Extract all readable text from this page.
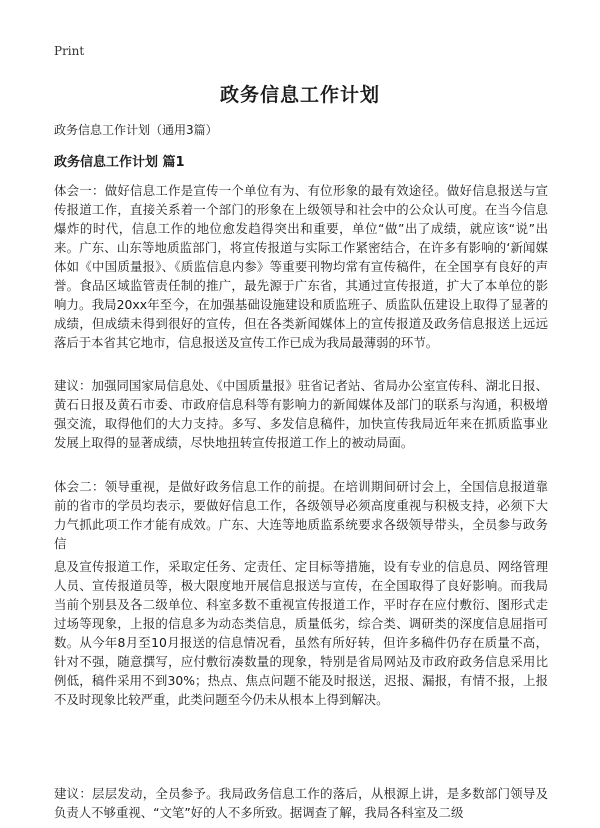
Print
政务信息工作计划
政务信息工作计划（通用3篇）
政务信息工作计划 篇1

体会一：做好信息工作是宣传一个单位有为、有位形象的最有效途径。做好信息报送与宣传报道工作，直接关系着一个部门的形象在上级领导和社会中的公众认可度。在当今信息爆炸的时代，信息工作的地位愈发趋得突出和重要，单位“做”出了成绩，就应该“说”出来。广东、山东等地质监部门，将宣传报道与实际工作紧密结合，在许多有影响的‘新闻媒体如《中国质量报》、《质监信息内参》等重要刊物均常有宣传稿件，在全国享有良好的声誉。食品区域监管责任制的推广，最先源于广东省，其通过宣传报道，扩大了本单位的影响力。我局20xx年至今，在加强基础设施建设和质监班子、质监队伍建设上取得了显著的成绩，但成绩未得到很好的宣传，但在各类新闻媒体上的宣传报道及政务信息报送上远远落后于本省其它地市，信息报送及宣传工作已成为我局最薄弱的环节。

建议：加强同国家局信息处、《中国质量报》驻省记者站、省局办公室宣传科、湖北日报、黄石日报及黄石市委、市政府信息科等有影响力的新闻媒体及部门的联系与沟通，积极增强交流，取得他们的大力支持。多写、多发信息稿件，加快宣传我局近年来在抓质监事业发展上取得的显著成绩，尽快地扭转宣传报道工作上的被动局面。

体会二：领导重视，是做好政务信息工作的前提。在培训期间研讨会上，全国信息报道靠前的省市的学员均表示，要做好信息工作，各级领导必须高度重视与积极支持，必须下大力气抓此项工作才能有成效。广东、大连等地质监系统要求各级领导带头，全员参与政务信

息及宣传报道工作，采取定任务、定责任、定目标等措施，设有专业的信息员、网络管理人员、宣传报道员等，极大限度地开展信息报送与宣传，在全国取得了良好影响。而我局当前个别县及各二级单位、科室多数不重视宣传报道工作，平时存在应付敷衍、图形式走过场等现象，上报的信息多为动态类信息，质量低劣，综合类、调研类的深度信息屈指可数。从今年8月至10月报送的信息情况看，虽然有所好转，但许多稿件仍存在质量不高，针对不强，随意撰写，应付敷衍凑数量的现象，特别是省局网站及市政府政务信息采用比例低，稿件采用不到30%；热点、焦点问题不能及时报送，迟报、漏报，有情不报，上报不及时现象比较严重，此类问题至今仍未从根本上得到解决。

建议：层层发动，全员参予。我局政务信息工作的落后，从根源上讲，是多数部门领导及负责人不够重视、“文笔”好的人不多所致。据调查了解，我局各科室及二级
